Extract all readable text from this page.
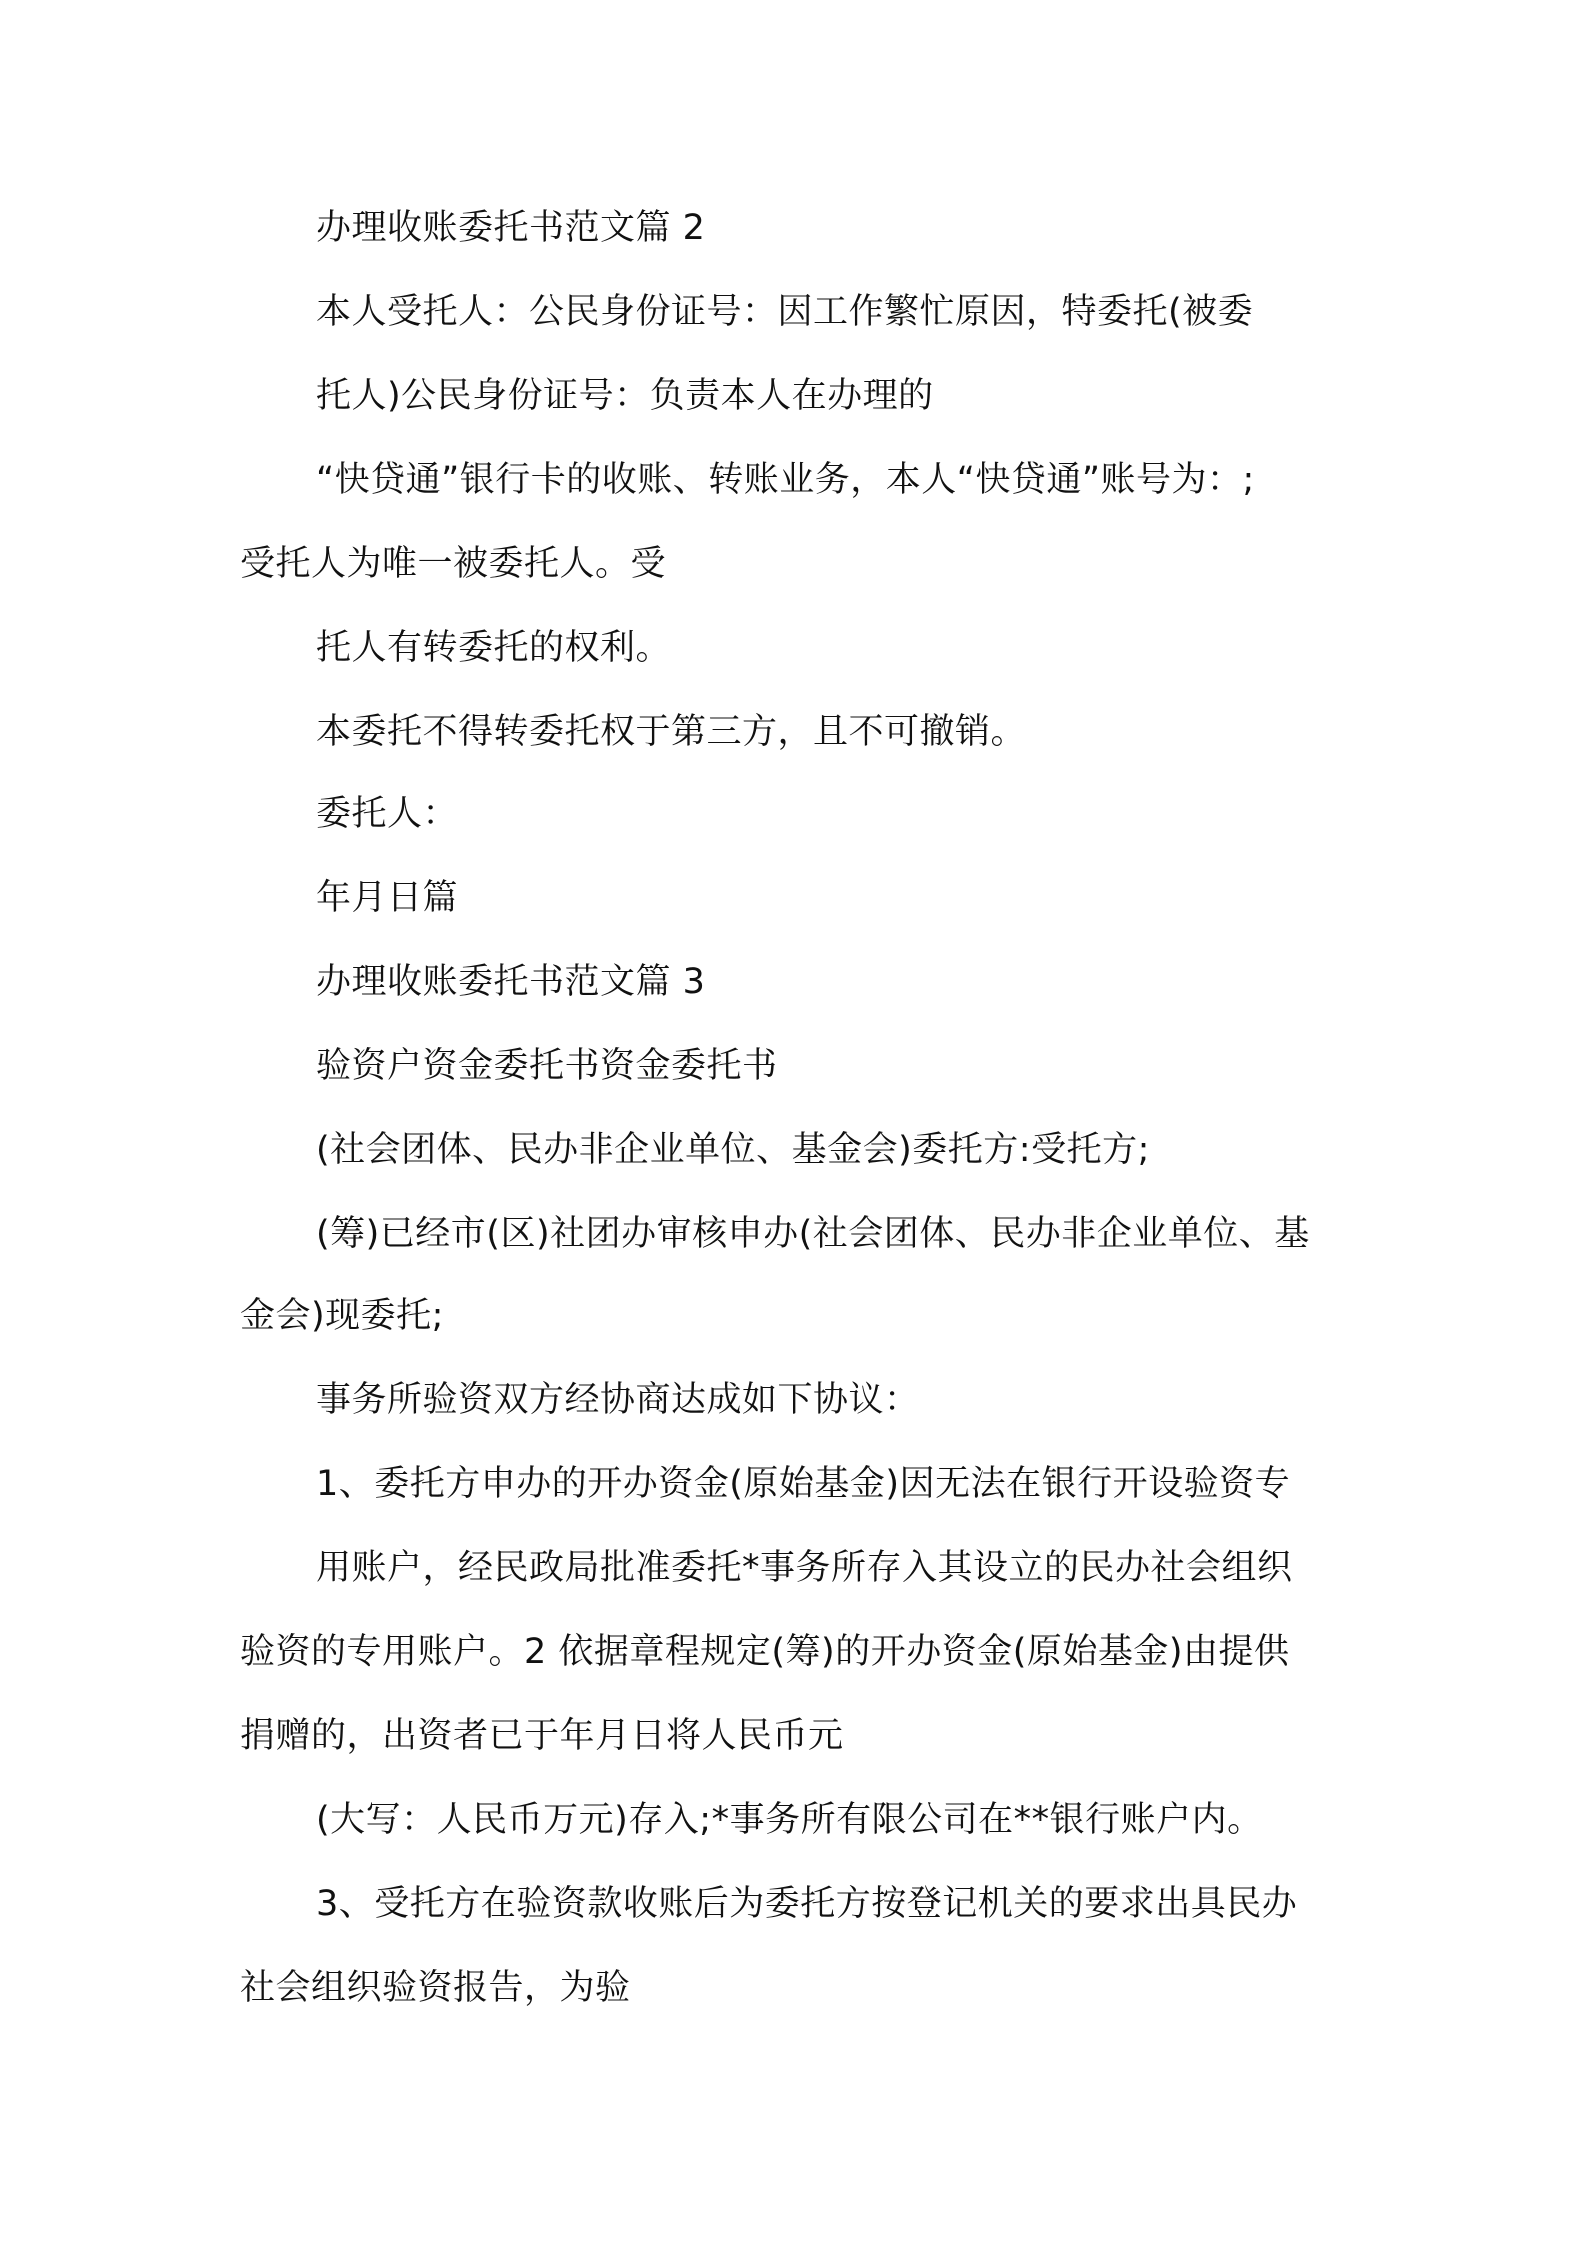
办理收账委托书范文篇 2
本人受托人：公民身份证号：因工作繁忙原因，特委托(被委
托人)公民身份证号：负责本人在办理的
“快贷通”银行卡的收账、转账业务，本人“快贷通”账号为：;
受托人为唯一被委托人。受
托人有转委托的权利。
本委托不得转委托权于第三方，且不可撤销。
委托人：
年月日篇
办理收账委托书范文篇 3
验资户资金委托书资金委托书
(社会团体、民办非企业单位、基金会)委托方:受托方;
(筹)已经市(区)社团办审核申办(社会团体、民办非企业单位、基
金会)现委托;
事务所验资双方经协商达成如下协议：
1、委托方申办的开办资金(原始基金)因无法在银行开设验资专
用账户，经民政局批准委托*事务所存入其设立的民办社会组织
验资的专用账户。2 依据章程规定(筹)的开办资金(原始基金)由提供
捐赠的，出资者已于年月日将人民币元
(大写：人民币万元)存入;*事务所有限公司在**银行账户内。
3、受托方在验资款收账后为委托方按登记机关的要求出具民办
社会组织验资报告，为验
